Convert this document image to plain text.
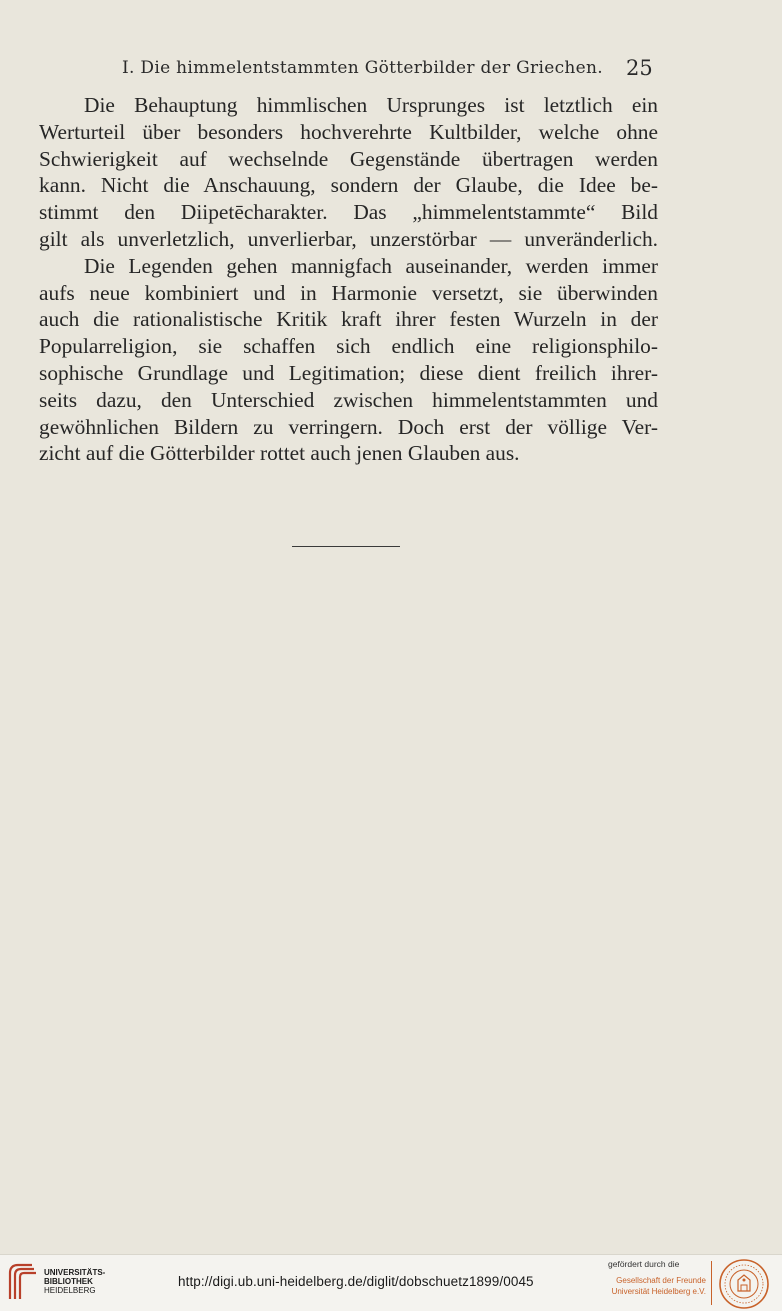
I. Die himmelentstammten Götterbilder der Griechen. 25
Die Behauptung himmlischen Ursprunges ist letztlich ein
Werturteil über besonders hochverehrte Kultbilder, welche ohne
Schwierigkeit auf wechselnde Gegenstände übertragen werden
kann. Nicht die Anschauung, sondern der Glaube, die Idee be-
stimmt den Diipetēcharakter. Das „himmelentstammte“ Bild
gilt als unverletzlich, unverlierbar, unzerstörbar — unveränderlich.
Die Legenden gehen mannigfach auseinander, werden immer
aufs neue kombiniert und in Harmonie versetzt, sie überwinden
auch die rationalistische Kritik kraft ihrer festen Wurzeln in der
Popularreligion, sie schaffen sich endlich eine religionsphilo-
sophische Grundlage und Legitimation; diese dient freilich ihrer-
seits dazu, den Unterschied zwischen himmelentstammten und
gewöhnlichen Bildern zu verringern. Doch erst der völlige Ver-
zicht auf die Götterbilder rottet auch jenen Glauben aus.
UNIVERSITÄTS-
BIBLIOTHEK
HEIDELBERG
http://digi.ub.uni-heidelberg.de/diglit/dobschuetz1899/0045
gefördert durch die
Gesellschaft der Freunde
Universität Heidelberg e.V.
